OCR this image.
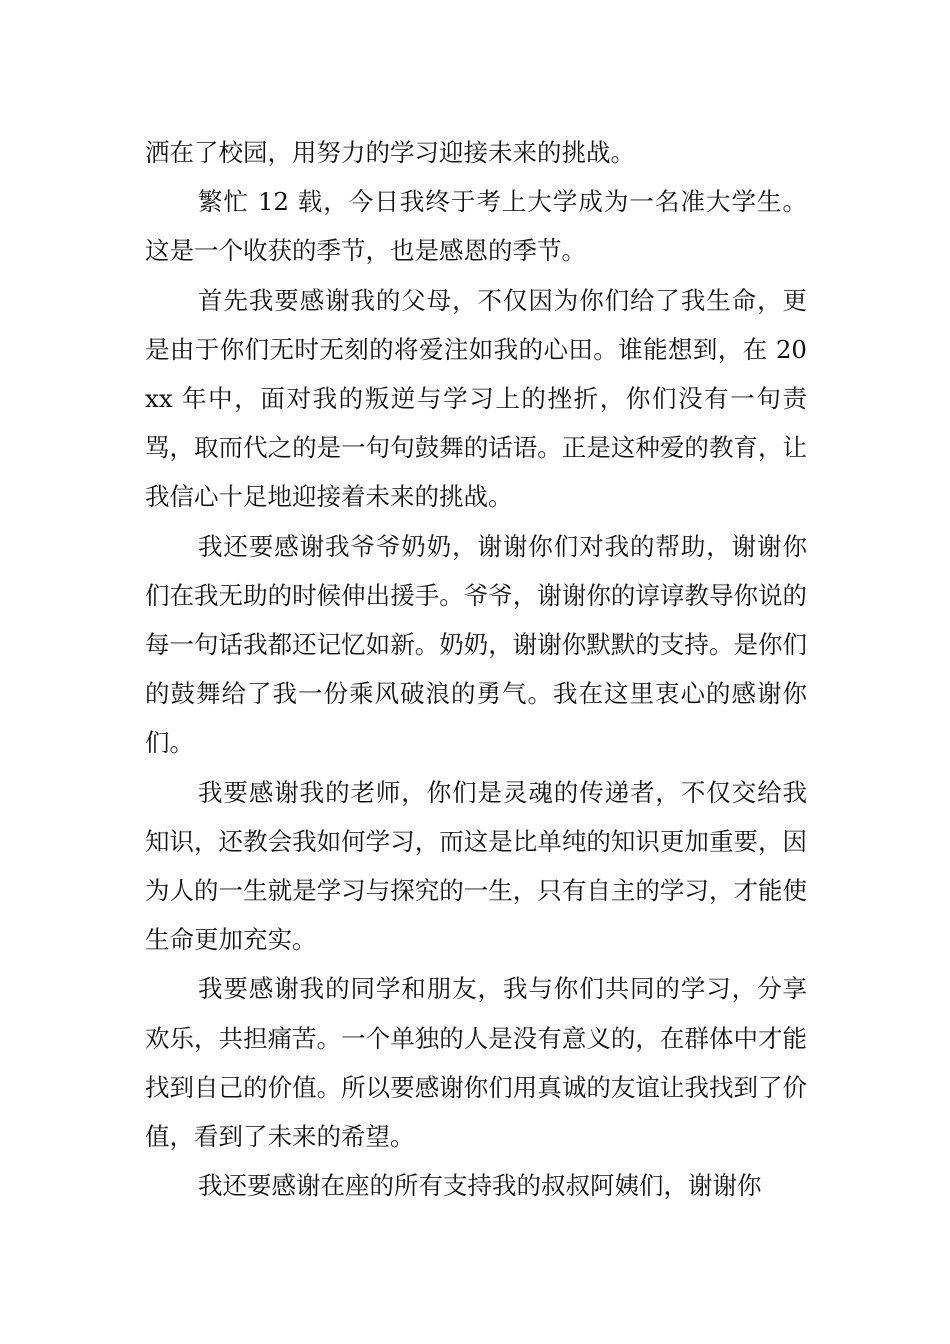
洒在了校园，用努力的学习迎接未来的挑战。

繁忙 12 载，今日我终于考上大学成为一名准大学生。这是一个收获的季节，也是感恩的季节。

首先我要感谢我的父母，不仅因为你们给了我生命，更是由于你们无时无刻的将爱注如我的心田。谁能想到，在 20xx 年中，面对我的叛逆与学习上的挫折，你们没有一句责骂，取而代之的是一句句鼓舞的话语。正是这种爱的教育，让我信心十足地迎接着未来的挑战。

我还要感谢我爷爷奶奶，谢谢你们对我的帮助，谢谢你们在我无助的时候伸出援手。爷爷，谢谢你的谆谆教导你说的每一句话我都还记忆如新。奶奶，谢谢你默默的支持。是你们的鼓舞给了我一份乘风破浪的勇气。我在这里衷心的感谢你们。

我要感谢我的老师，你们是灵魂的传递者，不仅交给我知识，还教会我如何学习，而这是比单纯的知识更加重要，因为人的一生就是学习与探究的一生，只有自主的学习，才能使生命更加充实。

我要感谢我的同学和朋友，我与你们共同的学习，分享欢乐，共担痛苦。一个单独的人是没有意义的，在群体中才能找到自己的价值。所以要感谢你们用真诚的友谊让我找到了价值，看到了未来的希望。

我还要感谢在座的所有支持我的叔叔阿姨们，谢谢你
